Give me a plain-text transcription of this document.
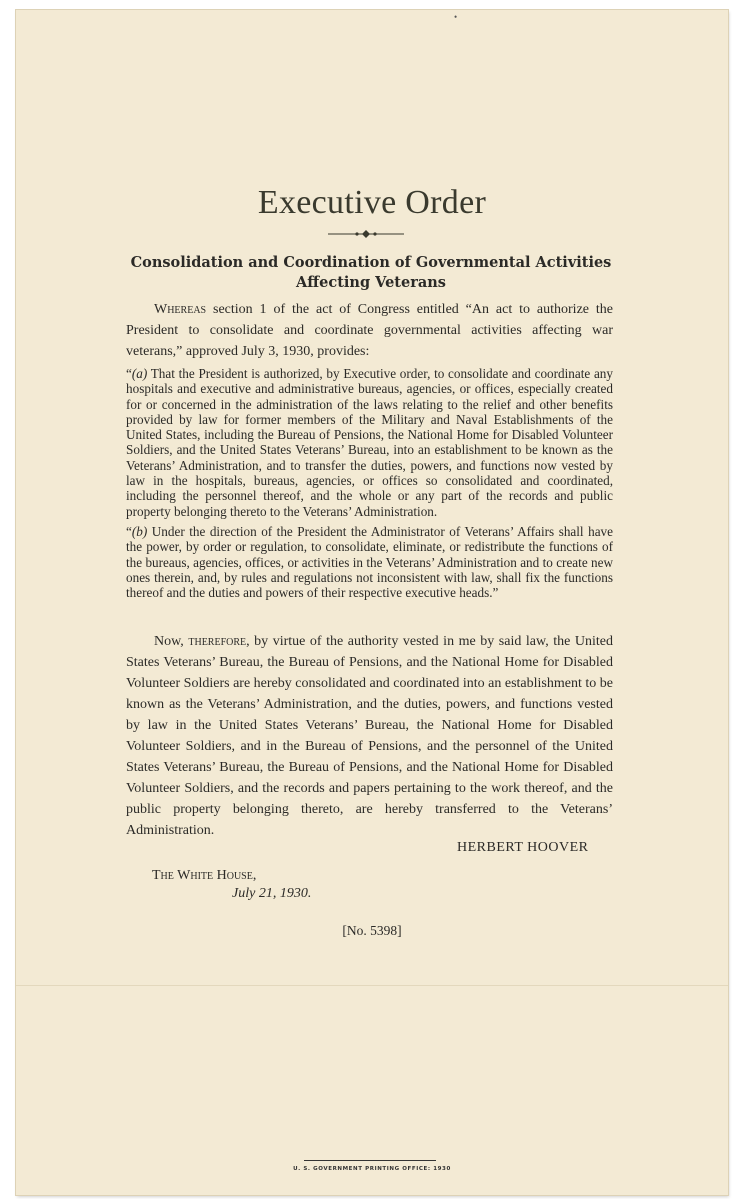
•
Executive Order
Consolidation and Coordination of Governmental Activities
Affecting Veterans
Whereas section 1 of the act of Congress entitled “An act to authorize the President to consolidate and coordinate governmental activities affecting war veterans,” approved July 3, 1930, provides:
“(a) That the President is authorized, by Executive order, to consolidate and coordinate any hospitals and executive and administrative bureaus, agencies, or offices, especially created for or concerned in the administration of the laws relating to the relief and other benefits provided by law for former members of the Military and Naval Establishments of the United States, including the Bureau of Pensions, the National Home for Disabled Volunteer Soldiers, and the United States Veterans’ Bureau, into an establishment to be known as the Veterans’ Administration, and to transfer the duties, powers, and functions now vested by law in the hospitals, bureaus, agencies, or offices so consolidated and coordinated, including the personnel thereof, and the whole or any part of the records and public property belonging thereto to the Veterans’ Administration.
“(b) Under the direction of the President the Administrator of Veterans’ Affairs shall have the power, by order or regulation, to consolidate, eliminate, or redistribute the functions of the bureaus, agencies, offices, or activities in the Veterans’ Administration and to create new ones therein, and, by rules and regulations not inconsistent with law, shall fix the functions thereof and the duties and powers of their respective executive heads.”
Now, therefore, by virtue of the authority vested in me by said law, the United States Veterans’ Bureau, the Bureau of Pensions, and the National Home for Disabled Volunteer Soldiers are hereby consolidated and coordinated into an establishment to be known as the Veterans’ Administration, and the duties, powers, and functions vested by law in the United States Veterans’ Bureau, the National Home for Disabled Volunteer Soldiers, and in the Bureau of Pensions, and the personnel of the United States Veterans’ Bureau, the Bureau of Pensions, and the National Home for Disabled Volunteer Soldiers, and the records and papers pertaining to the work thereof, and the public property belonging thereto, are hereby transferred to the Veterans’ Administration.
HERBERT HOOVER
The White House,
July 21, 1930.
[No. 5398]
U. S. GOVERNMENT PRINTING OFFICE: 1930
